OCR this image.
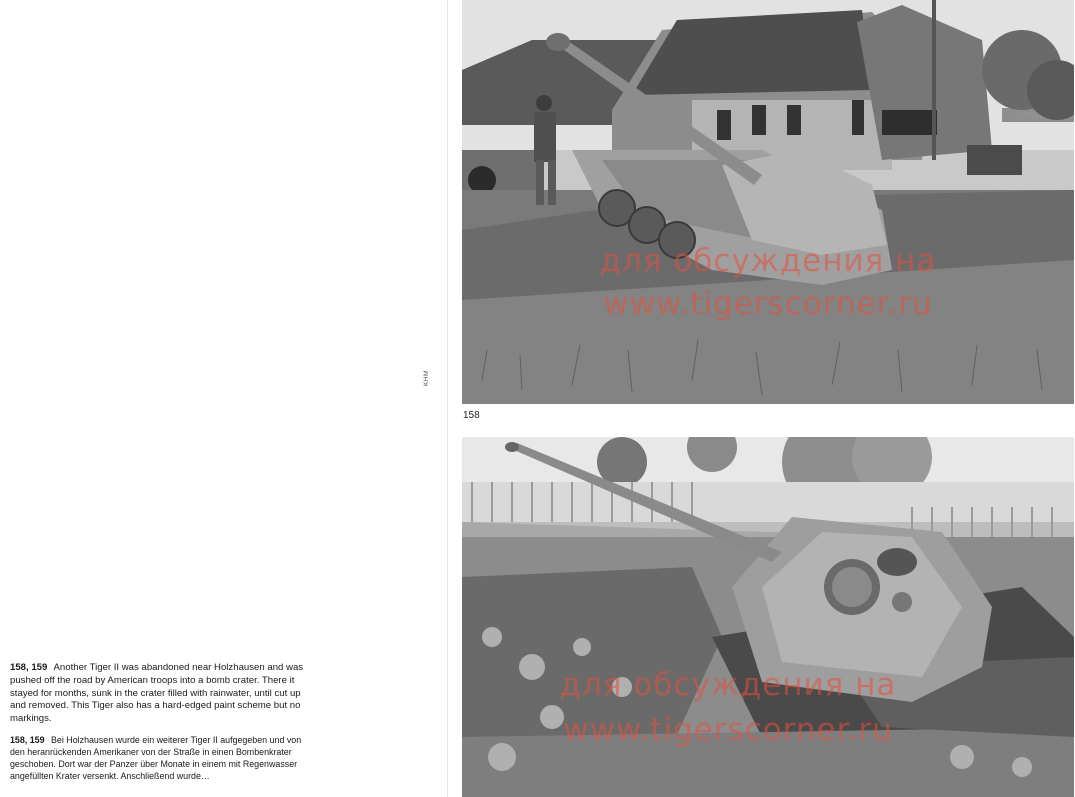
158, 159 Another Tiger II was abandoned near Holzhausen and was pushed off the road by American troops into a bomb crater. There it stayed for months, sunk in the crater filled with rainwater, until cut up and removed. This Tiger also has a hard-edged paint scheme but no markings.

158, 159 Bei Holzhausen wurde ein weiterer Tiger II aufgegeben und von den heranrückenden Amerikaner von der Straße in einen Bombenkrater geschoben. Dort war der Panzer über Monate in einem mit Regenwasser angefüllten Krater versenkt. Anschließend wurde…

для обсуждения на
www.tigerscorner.ru
KHM
158
для обсуждения на
www.tigerscorner.ru
